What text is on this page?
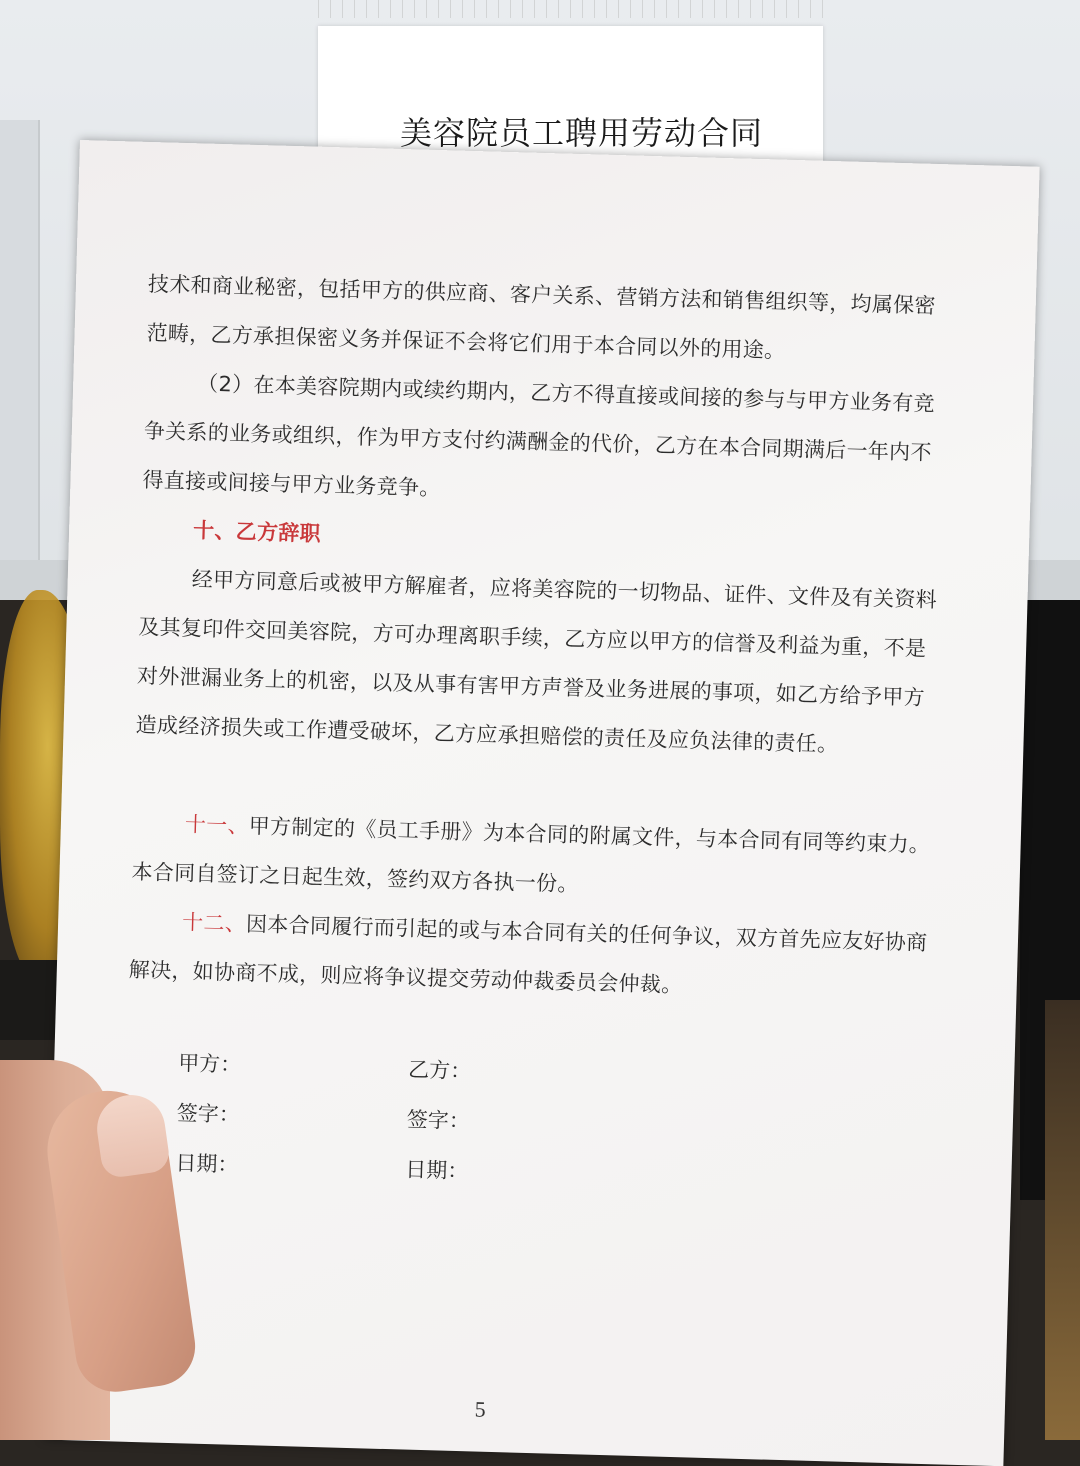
美容院员工聘用劳动合同

技术和商业秘密，包括甲方的供应商、客户关系、营销方法和销售组织等，均属保密范畴，乙方承担保密义务并保证不会将它们用于本合同以外的用途。

（2）在本美容院期内或续约期内，乙方不得直接或间接的参与与甲方业务有竞争关系的业务或组织，作为甲方支付约满酬金的代价，乙方在本合同期满后一年内不得直接或间接与甲方业务竞争。

十、乙方辞职

经甲方同意后或被甲方解雇者，应将美容院的一切物品、证件、文件及有关资料及其复印件交回美容院，方可办理离职手续，乙方应以甲方的信誉及利益为重，不是对外泄漏业务上的机密，以及从事有害甲方声誉及业务进展的事项，如乙方给予甲方造成经济损失或工作遭受破坏，乙方应承担赔偿的责任及应负法律的责任。

十一、甲方制定的《员工手册》为本合同的附属文件，与本合同有同等约束力。本合同自签订之日起生效，签约双方各执一份。

十二、因本合同履行而引起的或与本合同有关的任何争议，双方首先应友好协商解决，如协商不成，则应将争议提交劳动仲裁委员会仲裁。

甲方：
签字：
日期：
乙方：
签字：
日期：
5
